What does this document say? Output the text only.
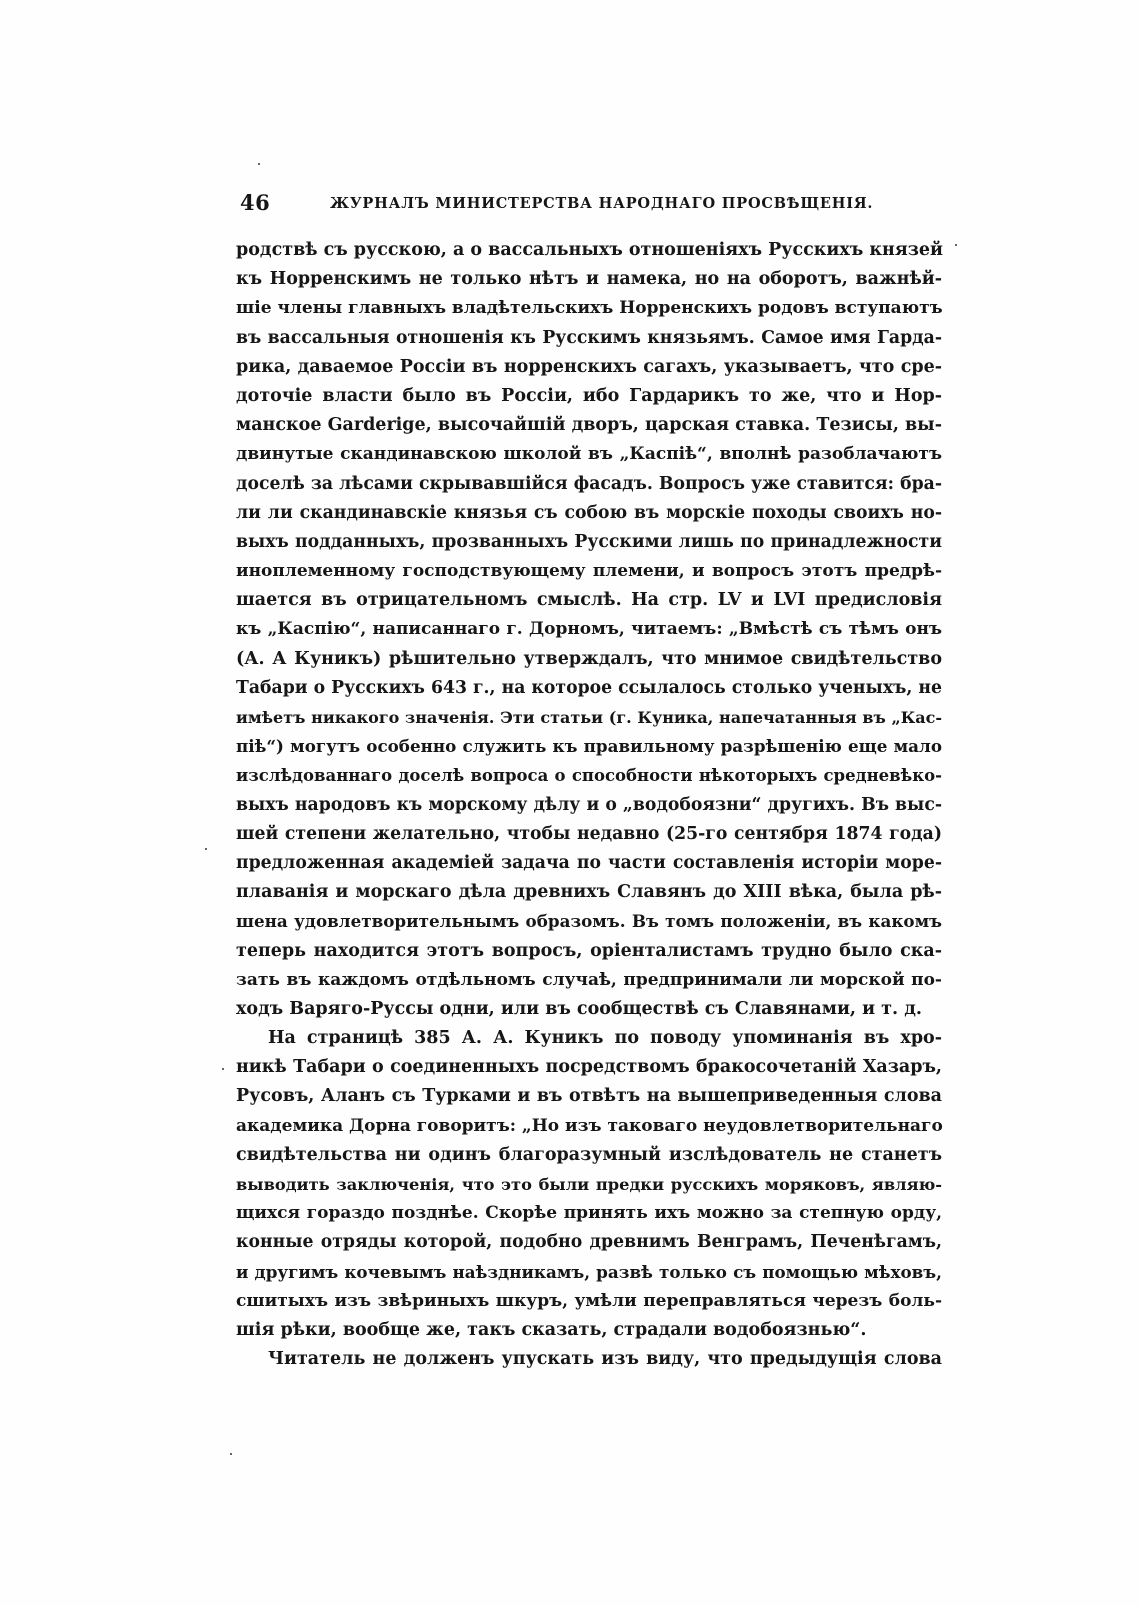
46	ЖУРНАЛЪ МИНИСТЕРСТВА НАРОДНАГО ПРОСВѢЩЕНІЯ.
родствѣ съ русскою, а о вассальныхъ отношеніяхъ Русскихъ князей
къ Норренскимъ не только нѣтъ и намека, но на оборотъ, важнѣй-
шіе члены главныхъ владѣтельскихъ Норренскихъ родовъ вступаютъ
въ вассальныя отношенія къ Русскимъ князьямъ. Самое имя Гарда-
рика, даваемое Россіи въ норренскихъ сагахъ, указываетъ, что сре-
доточіе власти было въ Россіи, ибо Гардарикъ то же, что и Нор-
манское Garderige, высочайшій дворъ, царская ставка. Тезисы, вы-
двинутые скандинавскою школой въ „Каспіѣ“, вполнѣ разоблачаютъ
доселѣ за лѣсами скрывавшійся фасадъ. Вопросъ уже ставится: бра-
ли ли скандинавскіе князья съ собою въ морскіе походы своихъ но-
выхъ подданныхъ, прозванныхъ Русскими лишь по принадлежности
иноплеменному господствующему племени, и вопросъ этотъ предрѣ-
шается въ отрицательномъ смыслѣ. На стр. LV и LVI предисловія
къ „Каспію“, написаннаго г. Дорномъ, читаемъ: „Вмѣстѣ съ тѣмъ онъ
(А. А Куникъ) рѣшительно утверждалъ, что мнимое свидѣтельство
Табари о Русскихъ 643 г., на которое ссылалось столько ученыхъ, не
имѣетъ никакого значенія. Эти статьи (г. Куника, напечатанныя въ „Кас-
піѣ“) могутъ особенно служить къ правильному разрѣшенію еще мало
изслѣдованнаго доселѣ вопроса о способности нѣкоторыхъ средневѣко-
выхъ народовъ къ морскому дѣлу и о „водобоязни“ другихъ. Въ выс-
шей степени желательно, чтобы недавно (25-го сентября 1874 года)
предложенная академіей задача по части составленія исторіи море-
плаванія и морскаго дѣла древнихъ Славянъ до XIII вѣка, была рѣ-
шена удовлетворительнымъ образомъ. Въ томъ положеніи, въ какомъ
теперь находится этотъ вопросъ, оріенталистамъ трудно было ска-
зать въ каждомъ отдѣльномъ случаѣ, предпринимали ли морской по-
ходъ Варяго-Руссы одни, или въ сообществѣ съ Славянами, и т. д.
На страницѣ 385 А. А. Куникъ по поводу упоминанія въ хро-
никѣ Табари о соединенныхъ посредствомъ бракосочетаній Хазаръ,
Русовъ, Аланъ съ Турками и въ отвѣтъ на вышеприведенныя слова
академика Дорна говоритъ: „Но изъ таковаго неудовлетворительнаго
свидѣтельства ни одинъ благоразумный изслѣдователь не станетъ
выводить заключенія, что это были предки русскихъ моряковъ, являю-
щихся гораздо позднѣе. Скорѣе принять ихъ можно за степную орду,
конные отряды которой, подобно древнимъ Венграмъ, Печенѣгамъ,
и другимъ кочевымъ наѣздникамъ, развѣ только съ помощью мѣховъ,
сшитыхъ изъ звѣриныхъ шкуръ, умѣли переправляться черезъ боль-
шія рѣки, вообще же, такъ сказать, страдали водобоязнью“.
Читатель не долженъ упускать изъ виду, что предыдущія слова
